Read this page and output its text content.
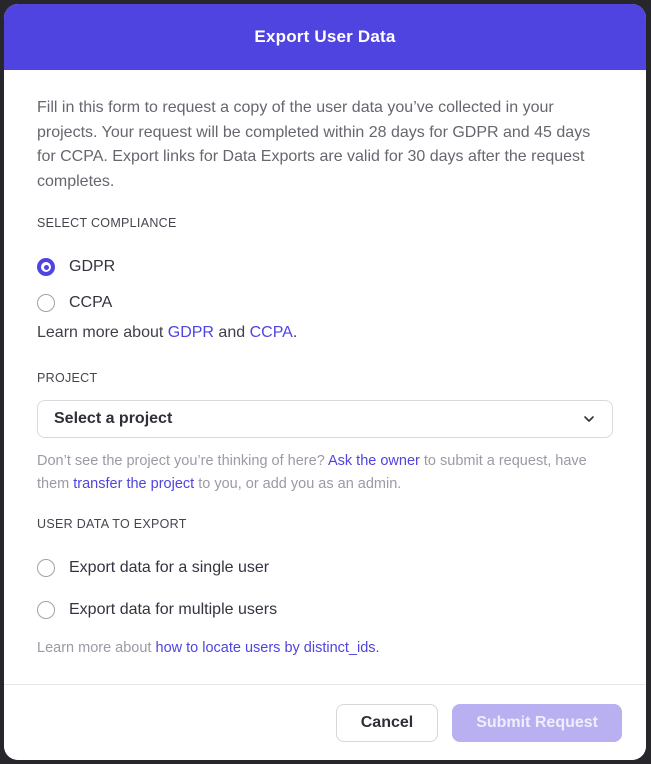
Export User Data

Fill in this form to request a copy of the user data you’ve collected in your projects. Your request will be completed within 28 days for GDPR and 45 days for CCPA. Export links for Data Exports are valid for 30 days after the request completes.

SELECT COMPLIANCE
GDPR
CCPA
Learn more about GDPR and CCPA.
PROJECT
Select a project
Don’t see the project you’re thinking of here? Ask the owner to submit a request, have them transfer the project to you, or add you as an admin.
USER DATA TO EXPORT
Export data for a single user
Export data for multiple users
Learn more about how to locate users by distinct_ids.
Cancel	Submit Request
